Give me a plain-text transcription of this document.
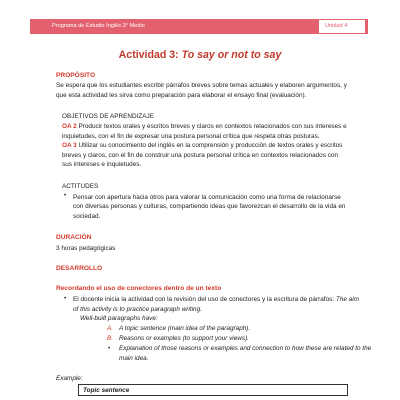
Programa de Estudio Inglés 3° Medio	Unidad 4
Actividad 3: To say or not to say
PROPÓSITO
Se espera que los estudiantes escribir párrafos breves sobre temas actuales y elaboren argumentos, y
que esta actividad les sirva como preparación para elaborar el ensayo final (evaluación).
OBJETIVOS DE APRENDIZAJE
OA 2 Producir textos orales y escritos breves y claros en contextos relacionados con sus intereses e
inquietudes, con el fin de expresar una postura personal crítica que respeta otras posturas.
OA 3 Utilizar su conocimiento del inglés en la comprensión y producción de textos orales y escritos
breves y claros, con el fin de construir una postura personal crítica en contextos relacionados con
sus intereses e inquietudes.
ACTITUDES
• Pensar con apertura hacia otros para valorar la comunicación como una forma de relacionarse
con diversas personas y culturas, compartiendo ideas que favorezcan el desarrollo de la vida en
sociedad.
DURACIÓN
3 horas pedagógicas
DESARROLLO
Recordando el uso de conectores dentro de un texto
• El docente inicia la actividad con la revisión del uso de conectores y la escritura de párrafos: The aim
of this activity is to practice paragraph writing.
Well-built paragraphs have:
A. A topic sentence (main idea of the paragraph).
B. Reasons or examples (to support your views).
• Explanation of those reasons or examples and connection to how these are related to the
main idea.
Example:
Topic sentence
